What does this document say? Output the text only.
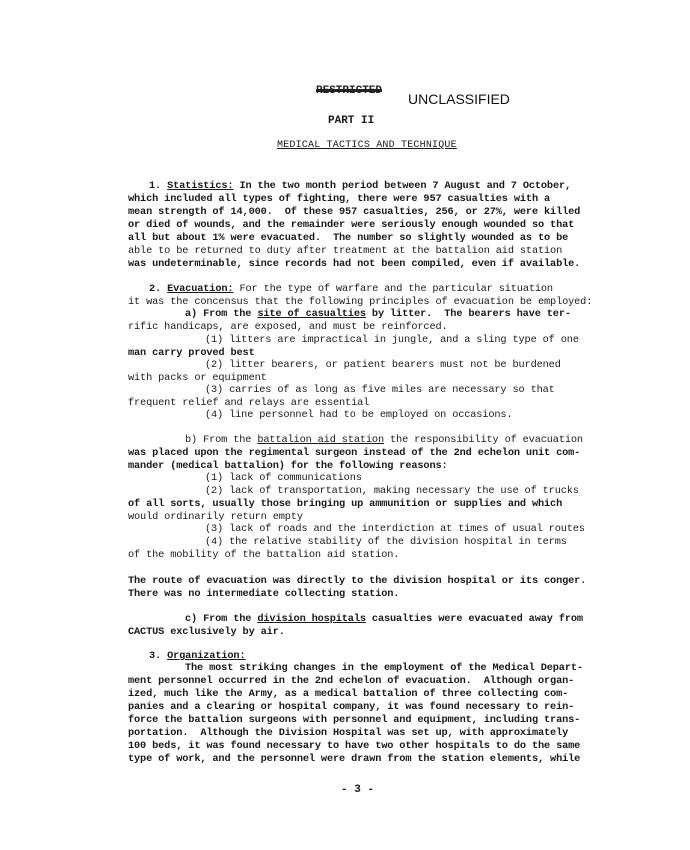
RESTRICTED UNCLASSIFIED
PART II
MEDICAL TACTICS AND TECHNIQUE
1. Statistics: In the two month period between 7 August and 7 October,
which included all types of fighting, there were 957 casualties with a
mean strength of 14,000.  Of these 957 casualties, 256, or 27%, were killed
or died of wounds, and the remainder were seriously enough wounded so that
all but about 1% were evacuated.  The number so slightly wounded as to be
able to be returned to duty after treatment at the battalion aid station
was undeterminable, since records had not been compiled, even if available.
2. Evacuation: For the type of warfare and the particular situation
it was the concensus that the following principles of evacuation be employed:
a) From the site of casualties by litter.  The bearers have ter-
rific handicaps, are exposed, and must be reinforced.
(1) litters are impractical in jungle, and a sling type of one
man carry proved best
(2) litter bearers, or patient bearers must not be burdened
with packs or equipment
(3) carries of as long as five miles are necessary so that
frequent relief and relays are essential
(4) line personnel had to be employed on occasions.
b) From the battalion aid station the responsibility of evacuation
was placed upon the regimental surgeon instead of the 2nd echelon unit com-
mander (medical battalion) for the following reasons:
(1) lack of communications
(2) lack of transportation, making necessary the use of trucks
of all sorts, usually those bringing up ammunition or supplies and which
would ordinarily return empty
(3) lack of roads and the interdiction at times of usual routes
(4) the relative stability of the division hospital in terms
of the mobility of the battalion aid station.
The route of evacuation was directly to the division hospital or its conger.
There was no intermediate collecting station.
c) From the division hospitals casualties were evacuated away from
CACTUS exclusively by air.
3. Organization:
The most striking changes in the employment of the Medical Depart-
ment personnel occurred in the 2nd echelon of evacuation.  Although organ-
ized, much like the Army, as a medical battalion of three collecting com-
panies and a clearing or hospital company, it was found necessary to rein-
force the battalion surgeons with personnel and equipment, including trans-
portation.  Although the Division Hospital was set up, with approximately
100 beds, it was found necessary to have two other hospitals to do the same
type of work, and the personnel were drawn from the station elements, while
- 3 -
